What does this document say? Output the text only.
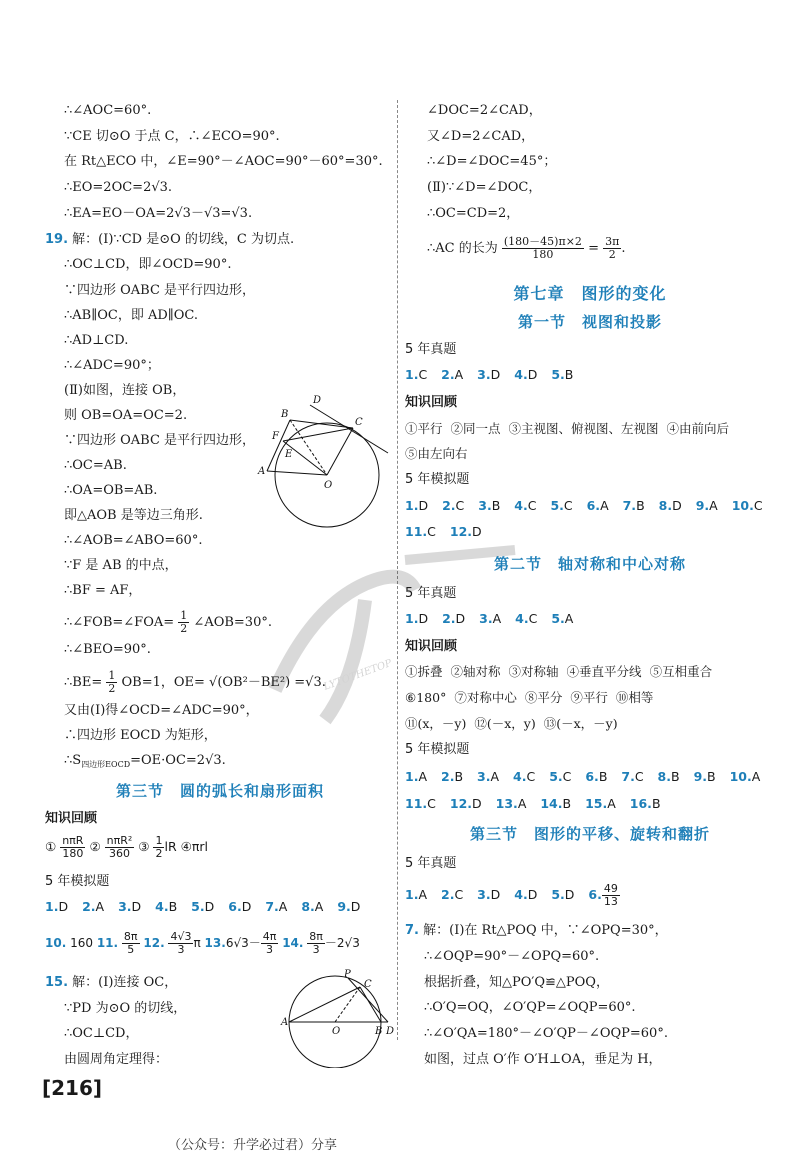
∴∠AOC=60°.
∵CE 切⊙O 于点 C，∴∠ECO=90°.
在 Rt△ECO 中，∠E=90°－∠AOC=90°－60°=30°.
∴EO=2OC=2√3.
∴EA=EO－OA=2√3－√3=√3.
19. 解：(Ⅰ)∵CD 是⊙O 的切线，C 为切点.
∴OC⊥CD，即∠OCD=90°.
∵四边形 OABC 是平行四边形，
∴AB∥OC，即 AD∥OC.
∴AD⊥CD.
∴∠ADC=90°；
(Ⅱ)如图，连接 OB，
则 OB=OA=OC=2.
∵四边形 OABC 是平行四边形，
∴OC=AB.
∴OA=OB=AB.
即△AOB 是等边三角形.
∴∠AOB=∠ABO=60°.
∵F 是 AB 的中点，
∴BF = AF，
∴∠FOB=∠FOA= $\frac{1}{2}$ ∠AOB=30°.
∴∠BEO=90°.
∴BE= $\frac{1}{2} OB=1$，OE= √(OB²－BE²) =√3.
又由(Ⅰ)得∠OCD=∠ADC=90°，
∴四边形 EOCD 为矩形，
$\therefore S_{四边形EOCD}=OE\cdot OC=2√3$.
D
B
C
F
E
A
O
第三节　圆的弧长和扇形面积
知识回顾
① $\frac{\text{nπR}}{180}$ ② $\frac{\text{nπR²}}{360}$ ③ $\frac{1}{2}$ lR ④πrl
5 年模拟题
1.D 2.A 3.D 4.B 5.D 6.D 7.A 8.A 9.D
10. 160 11. $\frac{8\pi}{5} 12$. $\frac{4√3}{3}$ π $13.6√3- \frac{4\pi}{3} 14$. $\frac{8\pi}{3} -2√3$
15. 解：(Ⅰ)连接 OC，
∵PD 为⊙O 的切线，
∴OC⊥CD，
由圆周角定理得：
P
C
A
O	B D
∠DOC=2∠CAD，
又∠D=2∠CAD，
∴∠D=∠DOC=45°；
(Ⅱ)∵∠D=∠DOC，
∴OC=CD=2，
∴AC 的长为 $\frac{(180-45)\pi\times 2}{180} = \frac{3\pi}{2}$ .
第七章　图形的变化
第一节　视图和投影
5 年真题
1.C 2.A 3.D 4.D 5.B
知识回顾
①平行 ②同一点 ③主视图、俯视图、左视图 ④由前向后
⑤由左向右
5 年模拟题
1.D 2.C 3.B 4.C 5.C 6.A 7.B 8.D 9.A 10.C
11.C 12.D
第二节　轴对称和中心对称
5 年真题
1.D 2.D 3.A 4.C 5.A
知识回顾
①拆叠 ②轴对称 ③对称轴 ④垂直平分线 ⑤互相重合
⑥180° ⑦对称中心 ⑧平分 ⑨平行 ⑩相等
⑪(x，－y) ⑫(－x，y) ⑬(－x，－y)
5 年模拟题
1.A 2.B 3.A 4.C 5.C 6.B 7.C 8.B 9.B 10.A
11.C 12.D 13.A 14.B 15.A 16.B
第三节　图形的平移、旋转和翻折
5 年真题
1.A 2.C 3.D 4.D 5.D 6. $\frac{49}{13}$
7. 解：(Ⅰ)在 Rt△POQ 中，∵∠OPQ=30°，
∴∠OQP=90°－∠OPQ=60°.
根据折叠，知△PO′Q≌△POQ，
∴O′Q=OQ，∠O′QP=∠OQP=60°.
∴∠O′QA=180°－∠O′QP－∠OQP=60°.
如图，过点 O′作 O′H⊥OA，垂足为 H，
LYTOTHETOP
[216]
（公众号：升学必过君）分享
